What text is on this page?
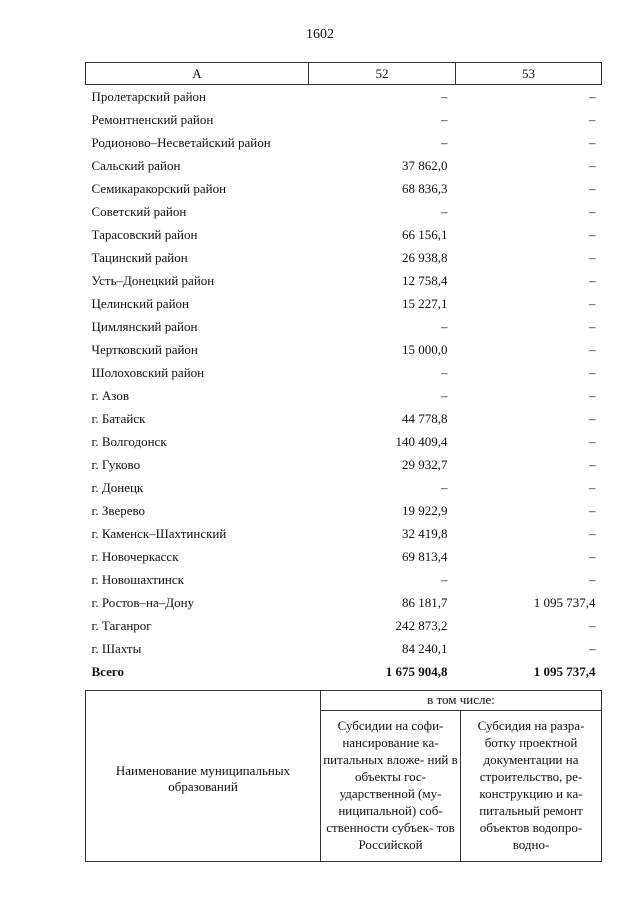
1602
А	52	53
Пролетарский район	–	–
Ремонтненский район	–	–
Родионово–Несветайский район	–	–
Сальский район	37 862,0	–
Семикаракорский район	68 836,3	–
Советский район	–	–
Тарасовский район	66 156,1	–
Тацинский район	26 938,8	–
Усть–Донецкий район	12 758,4	–
Целинский район	15 227,1	–
Цимлянский район	–	–
Чертковский район	15 000,0	–
Шолоховский район	–	–
г. Азов	–	–
г. Батайск	44 778,8	–
г. Волгодонск	140 409,4	–
г. Гуково	29 932,7	–
г. Донецк	–	–
г. Зверево	19 922,9	–
г. Каменск–Шахтинский	32 419,8	–
г. Новочеркасск	69 813,4	–
г. Новошахтинск	–	–
г. Ростов–на–Дону	86 181,7	1 095 737,4
г. Таганрог	242 873,2	–
г. Шахты	84 240,1	–
Всего	1 675 904,8	1 095 737,4
Наименование муниципальных образований	в том числе:	
	Субсидии на софи- нансирование ка- питальных вложе- ний в объекты гос- ударственной (му- ниципальной) соб- ственности субъек- тов Российской	Субсидия на разра- ботку проектной документации на строительство, ре- конструкцию и ка- питальный ремонт объектов водопро- водно-
